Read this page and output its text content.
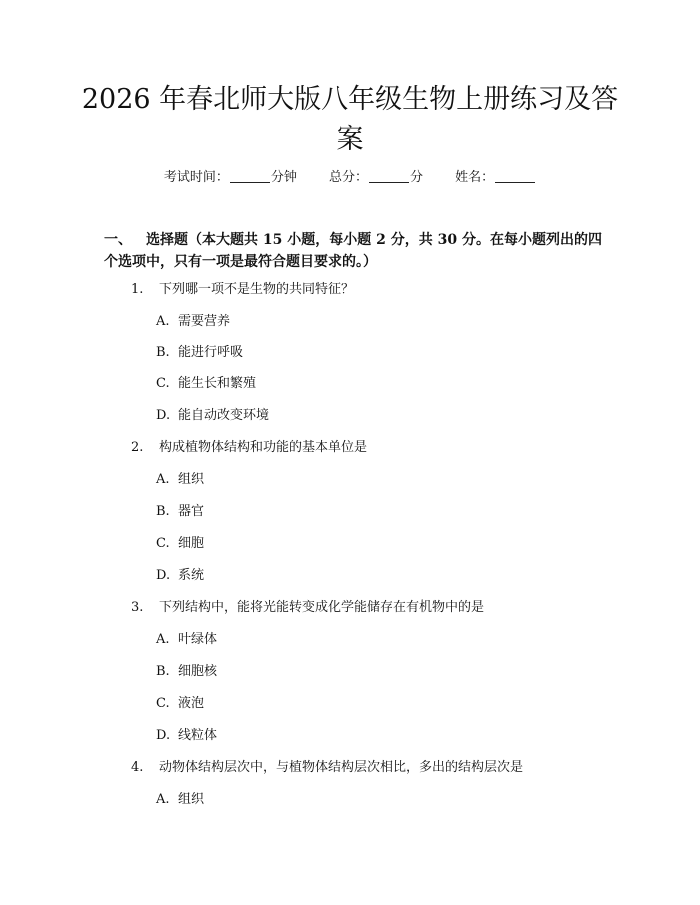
2026 年春北师大版八年级生物上册练习及答案
考试时间：	分钟 总分：	分 姓名：
一、 选择题（本大题共 15 小题，每小题 2 分，共 30 分。在每小题列出的四个选项中，只有一项是最符合题目要求的。）
1. 下列哪一项不是生物的共同特征？
A. 需要营养
B. 能进行呼吸
C. 能生长和繁殖
D. 能自动改变环境
2. 构成植物体结构和功能的基本单位是
A. 组织
B. 器官
C. 细胞
D. 系统
3. 下列结构中，能将光能转变成化学能储存在有机物中的是
A. 叶绿体
B. 细胞核
C. 液泡
D. 线粒体
4. 动物体结构层次中，与植物体结构层次相比，多出的结构层次是
A. 组织
